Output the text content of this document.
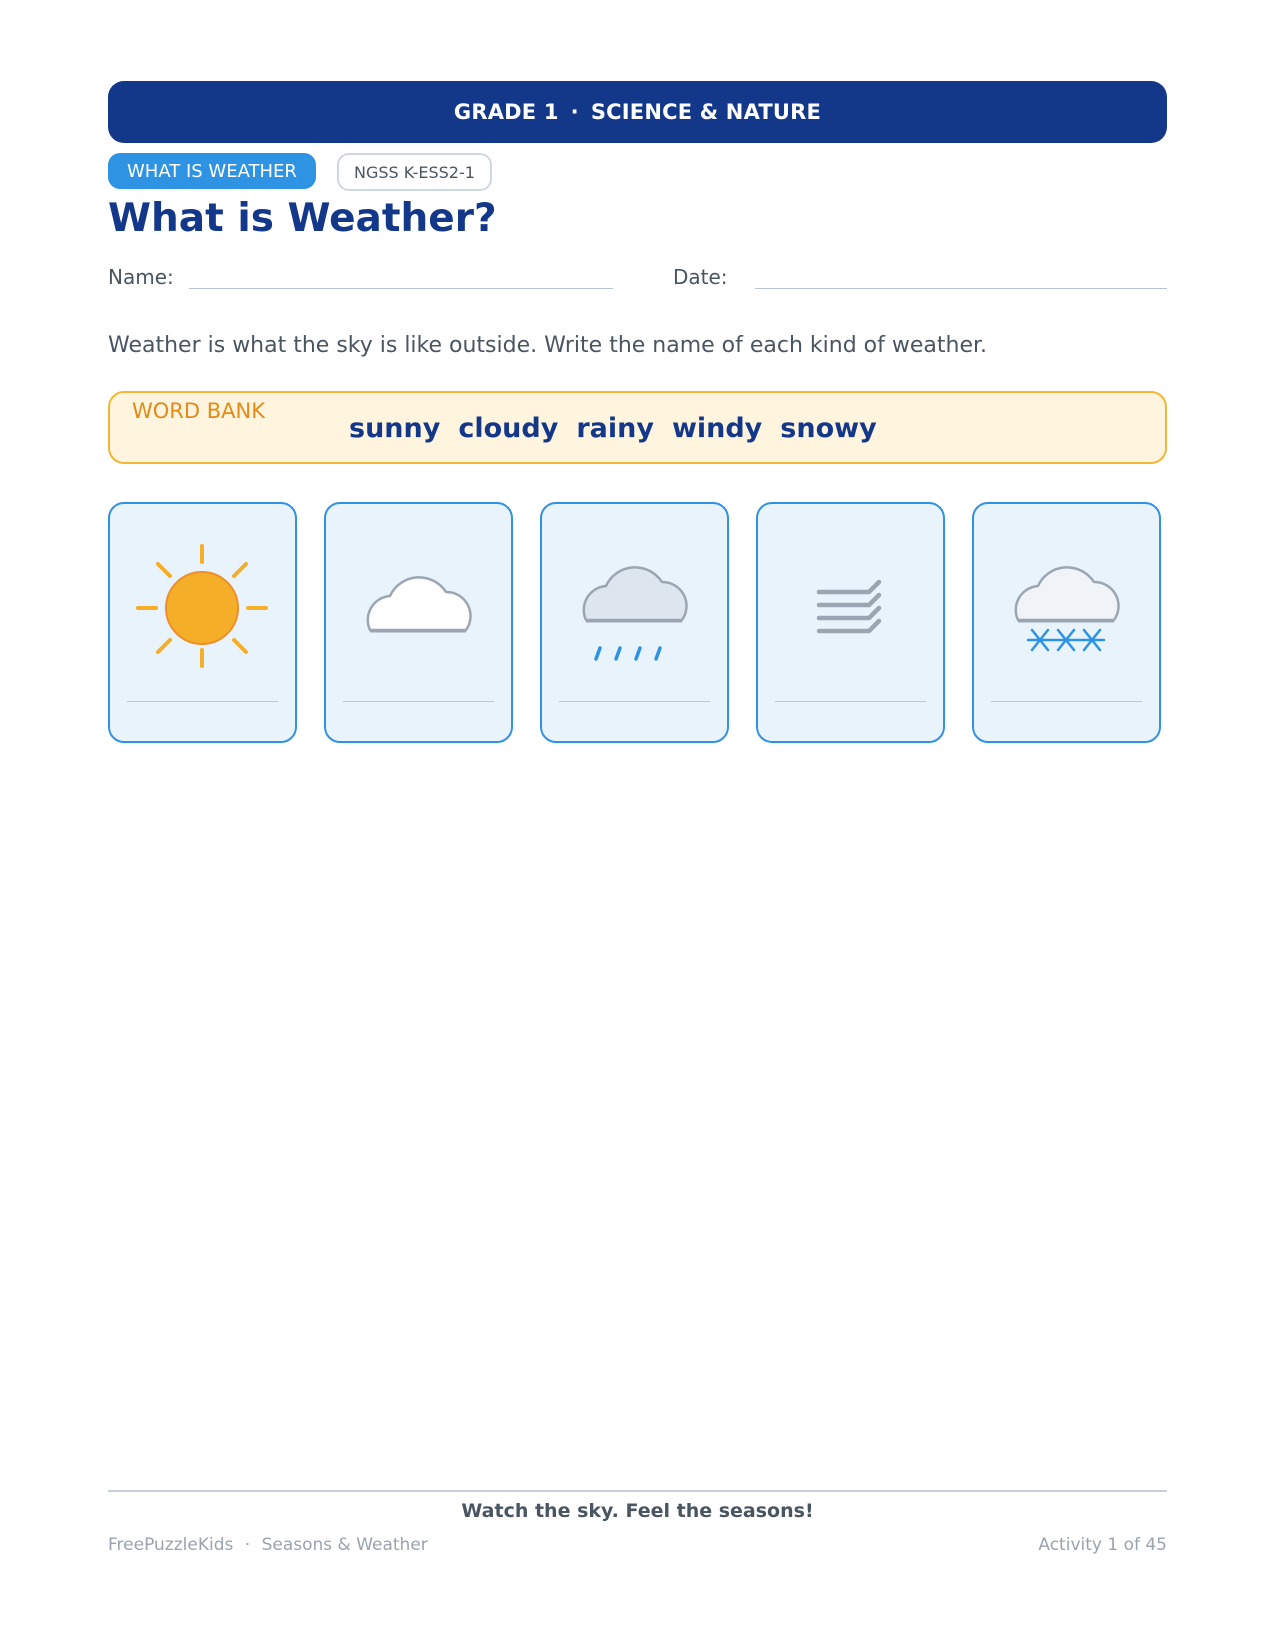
GRADE 1 · SCIENCE & NATURE
WHAT IS WEATHER	NGSS K-ESS2-1
What is Weather?
Name:	Date:

Weather is what the sky is like outside. Write the name of each kind of weather.

WORD BANK
sunny cloudy rainy windy snowy
Watch the sky. Feel the seasons!
FreePuzzleKids · Seasons & Weather	Activity 1 of 45
